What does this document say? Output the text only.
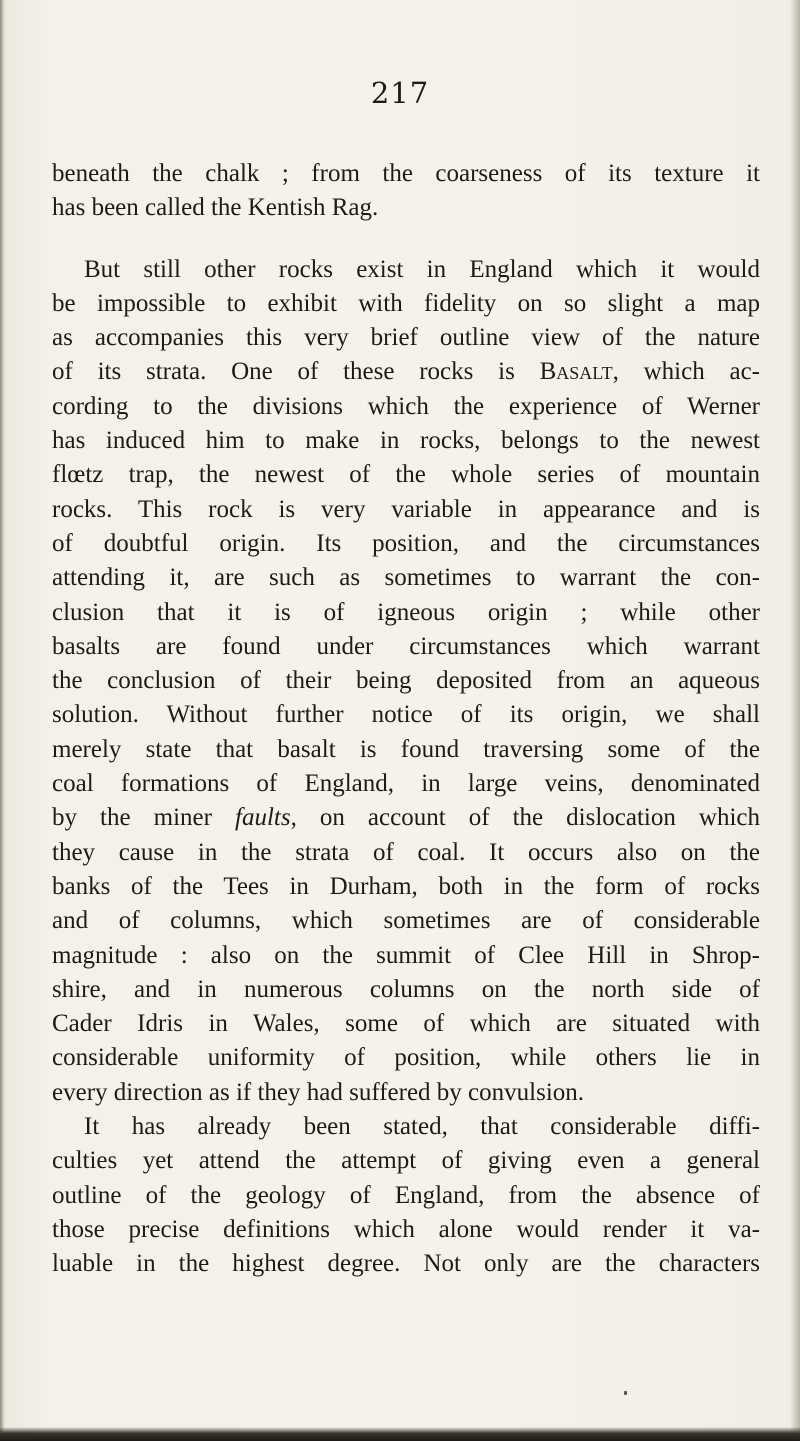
217
beneath the chalk ; from the coarseness of its texture it
has been called the Kentish Rag.
But still other rocks exist in England which it would
be impossible to exhibit with fidelity on so slight a map
as accompanies this very brief outline view of the nature
of its strata. One of these rocks is Basalt, which ac-
cording to the divisions which the experience of Werner
has induced him to make in rocks, belongs to the newest
flœtz trap, the newest of the whole series of mountain
rocks. This rock is very variable in appearance and is
of doubtful origin. Its position, and the circumstances
attending it, are such as sometimes to warrant the con-
clusion that it is of igneous origin ; while other
basalts are found under circumstances which warrant
the conclusion of their being deposited from an aqueous
solution. Without further notice of its origin, we shall
merely state that basalt is found traversing some of the
coal formations of England, in large veins, denominated
by the miner faults, on account of the dislocation which
they cause in the strata of coal. It occurs also on the
banks of the Tees in Durham, both in the form of rocks
and of columns, which sometimes are of considerable
magnitude : also on the summit of Clee Hill in Shrop-
shire, and in numerous columns on the north side of
Cader Idris in Wales, some of which are situated with
considerable uniformity of position, while others lie in
every direction as if they had suffered by convulsion.
It has already been stated, that considerable diffi-
culties yet attend the attempt of giving even a general
outline of the geology of England, from the absence of
those precise definitions which alone would render it va-
luable in the highest degree. Not only are the characters
